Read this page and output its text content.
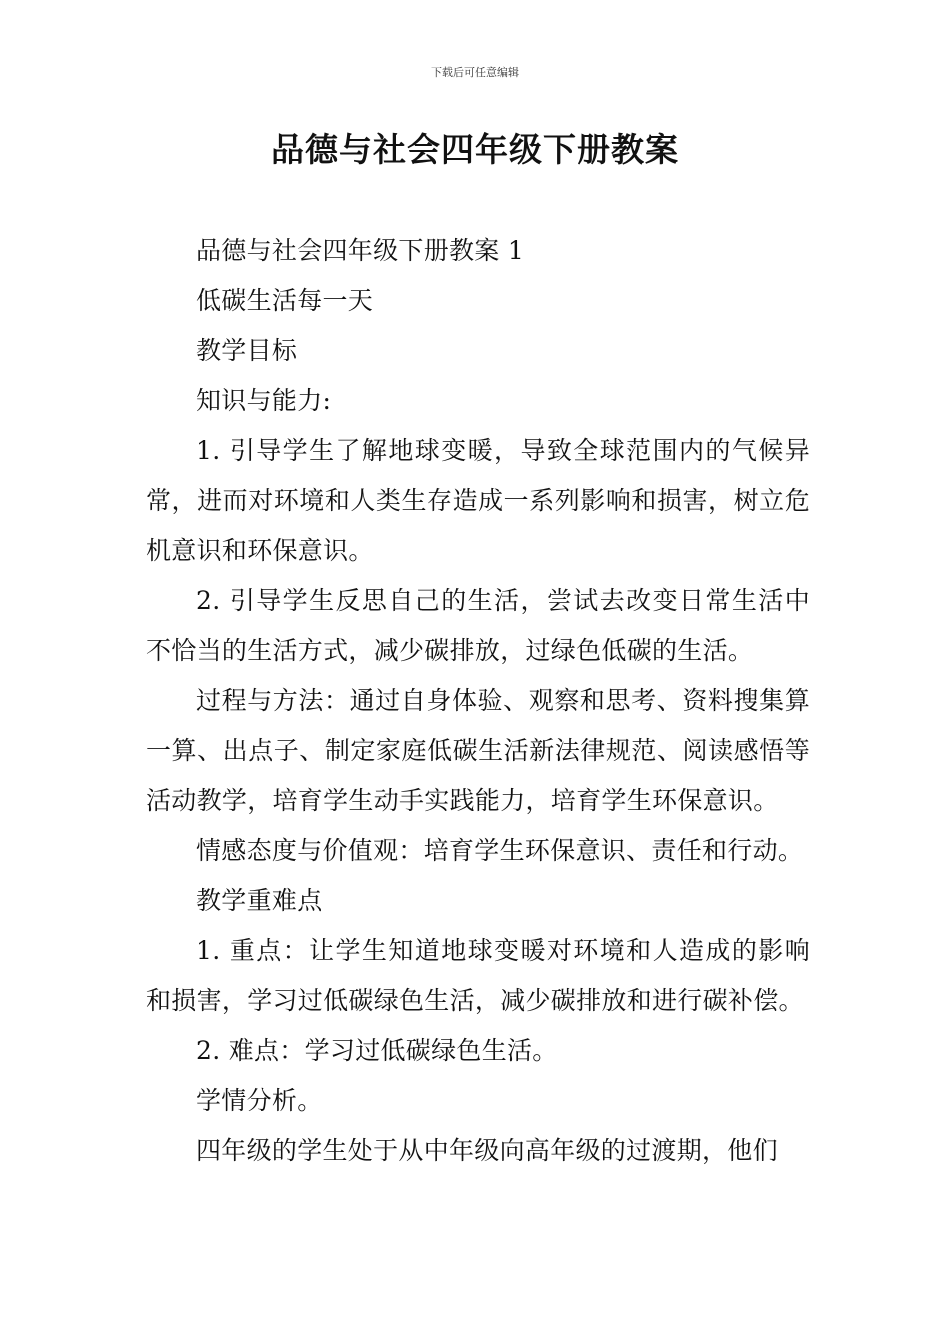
下载后可任意编辑
品德与社会四年级下册教案

品德与社会四年级下册教案 1

低碳生活每一天

教学目标

知识与能力:

1. 引导学生了解地球变暖，导致全球范围内的气候异常，进而对环境和人类生存造成一系列影响和损害，树立危机意识和环保意识。

2. 引导学生反思自己的生活，尝试去改变日常生活中不恰当的生活方式，减少碳排放，过绿色低碳的生活。

过程与方法：通过自身体验、观察和思考、资料搜集算一算、出点子、制定家庭低碳生活新法律规范、阅读感悟等活动教学，培育学生动手实践能力，培育学生环保意识。

情感态度与价值观：培育学生环保意识、责任和行动。

教学重难点

1. 重点：让学生知道地球变暖对环境和人造成的影响和损害，学习过低碳绿色生活，减少碳排放和进行碳补偿。

2. 难点：学习过低碳绿色生活。

学情分析。

四年级的学生处于从中年级向高年级的过渡期，他们
